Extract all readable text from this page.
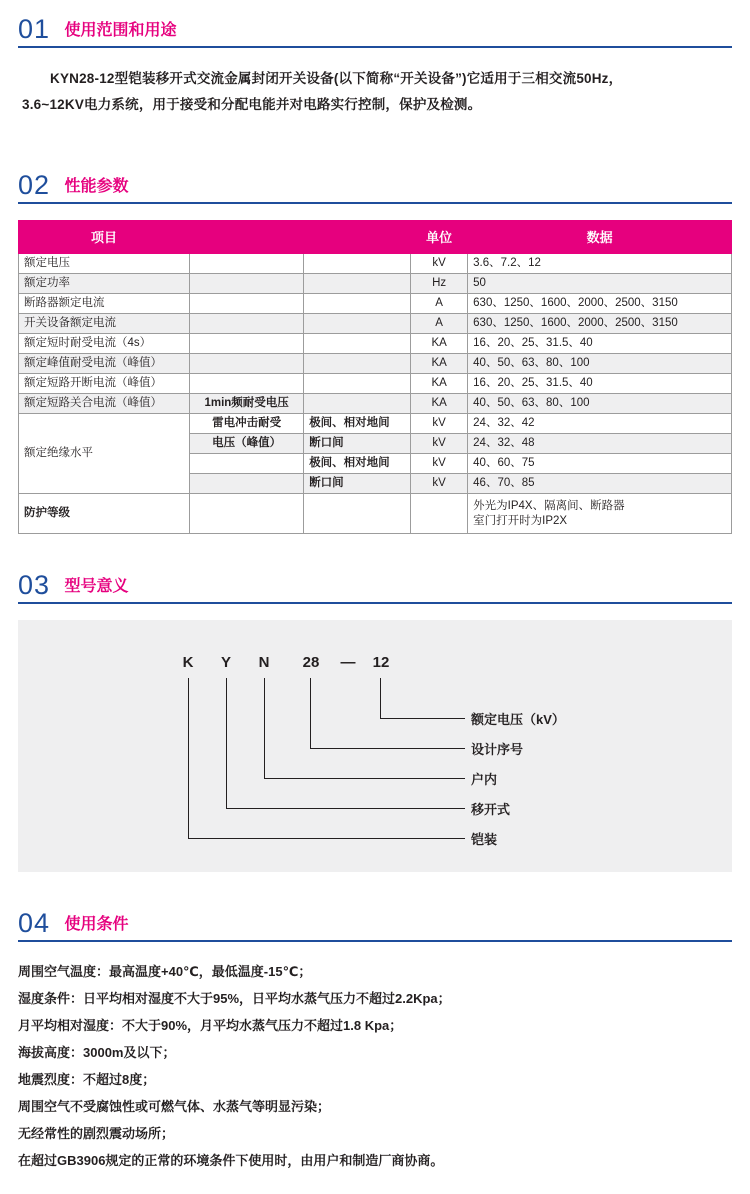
01 使用范围和用途
KYN28-12型铠装移开式交流金属封闭开关设备(以下简称“开关设备”)它适用于三相交流50Hz，
3.6~12KV电力系统，用于接受和分配电能并对电路实行控制，保护及检测。
02 性能参数
项目			单位	数据
额定电压			kV	3.6、7.2、12
额定功率			Hz	50
断路器额定电流			A	630、1250、1600、2000、2500、3150
开关设备额定电流			A	630、1250、1600、2000、2500、3150
额定短时耐受电流（4s）			KA	16、20、25、31.5、40
额定峰值耐受电流（峰值）			KA	40、50、63、80、100
额定短路开断电流（峰值）			KA	16、20、25、31.5、40
额定短路关合电流（峰值）	1min频耐受电压		KA	40、50、63、80、100
额定绝缘水平	雷电冲击耐受	极间、相对地间	kV	24、32、42
	电压（峰值）	断口间	kV	24、32、48
		极间、相对地间	kV	40、60、75
		断口间	kV	46、70、85
防护等级				外光为IP4X、隔离间、断路器
室门打开时为IP2X
03 型号意义
K	Y	N	28	—	12
额定电压（kV）
设计序号
户内
移开式
铠装
04 使用条件
周围空气温度：最高温度+40℃，最低温度-15℃；
湿度条件：日平均相对湿度不大于95%，日平均水蒸气压力不超过2.2Kpa；
月平均相对湿度：不大于90%，月平均水蒸气压力不超过1.8 Kpa；
海拔高度：3000m及以下；
地震烈度：不超过8度；
周围空气不受腐蚀性或可燃气体、水蒸气等明显污染；
无经常性的剧烈震动场所；
在超过GB3906规定的正常的环境条件下使用时，由用户和制造厂商协商。
